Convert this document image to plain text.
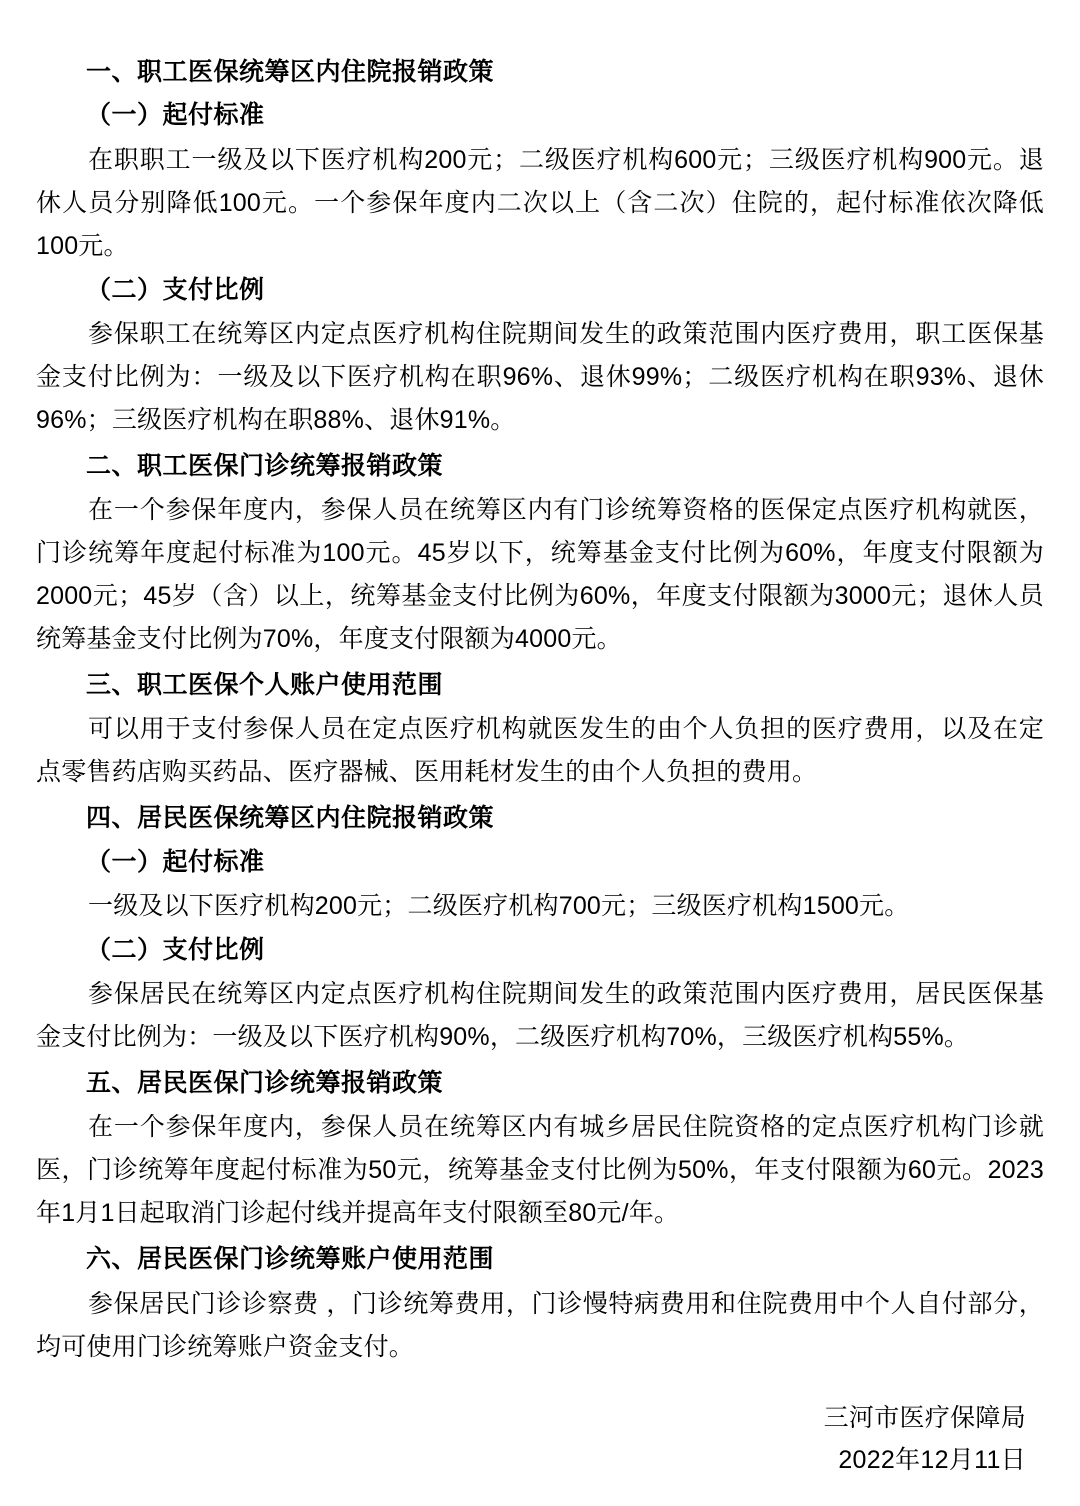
一、职工医保统筹区内住院报销政策
（一）起付标准

在职职工一级及以下医疗机构200元；二级医疗机构600元；三级医疗机构900元。退休人员分别降低100元。一个参保年度内二次以上（含二次）住院的，起付标准依次降低100元。

（二）支付比例

参保职工在统筹区内定点医疗机构住院期间发生的政策范围内医疗费用，职工医保基金支付比例为：一级及以下医疗机构在职96%、退休99%；二级医疗机构在职93%、退休96%；三级医疗机构在职88%、退休91%。

二、职工医保门诊统筹报销政策

在一个参保年度内，参保人员在统筹区内有门诊统筹资格的医保定点医疗机构就医，门诊统筹年度起付标准为100元。45岁以下，统筹基金支付比例为60%，年度支付限额为2000元；45岁（含）以上，统筹基金支付比例为60%，年度支付限额为3000元；退休人员统筹基金支付比例为70%，年度支付限额为4000元。

三、职工医保个人账户使用范围

可以用于支付参保人员在定点医疗机构就医发生的由个人负担的医疗费用，以及在定点零售药店购买药品、医疗器械、医用耗材发生的由个人负担的费用。

四、居民医保统筹区内住院报销政策
（一）起付标准

一级及以下医疗机构200元；二级医疗机构700元；三级医疗机构1500元。

（二）支付比例

参保居民在统筹区内定点医疗机构住院期间发生的政策范围内医疗费用，居民医保基金支付比例为：一级及以下医疗机构90%，二级医疗机构70%，三级医疗机构55%。

五、居民医保门诊统筹报销政策

在一个参保年度内，参保人员在统筹区内有城乡居民住院资格的定点医疗机构门诊就医，门诊统筹年度起付标准为50元，统筹基金支付比例为50%，年支付限额为60元。2023年1月1日起取消门诊起付线并提高年支付限额至80元/年。

六、居民医保门诊统筹账户使用范围

参保居民门诊诊察费 ，门诊统筹费用，门诊慢特病费用和住院费用中个人自付部分，均可使用门诊统筹账户资金支付。

三河市医疗保障局
2022年12月11日
